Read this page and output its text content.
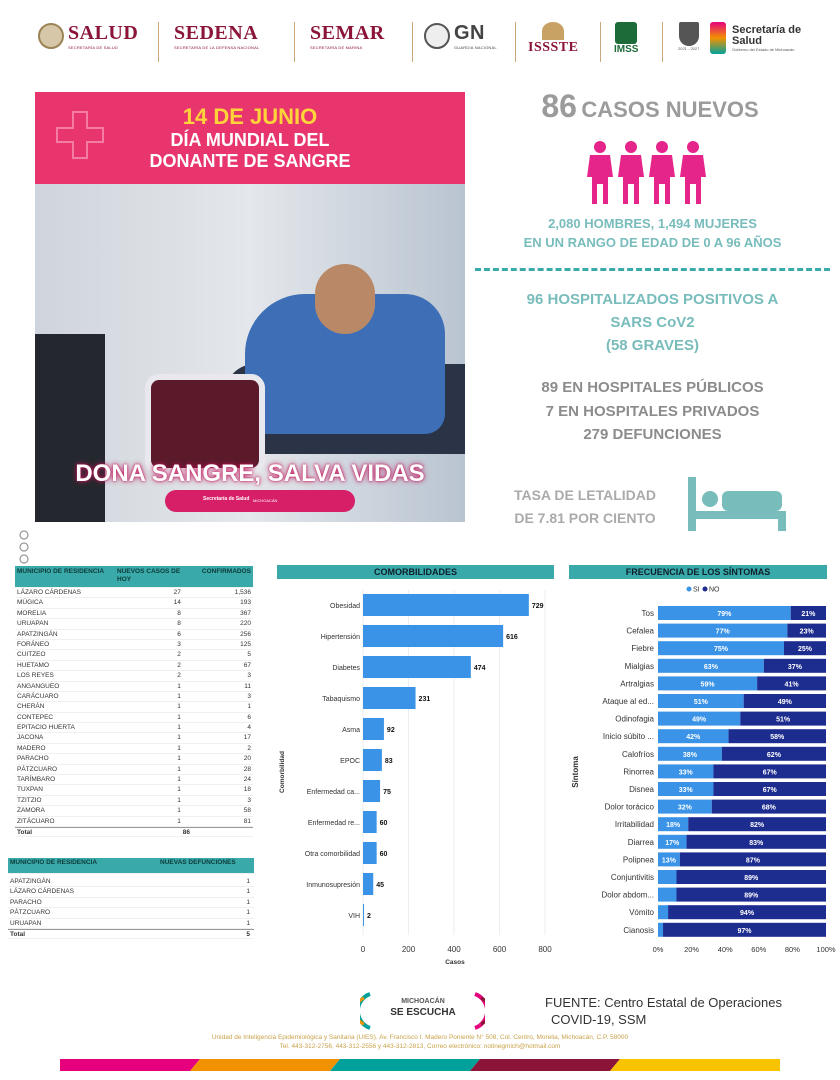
SALUD
SECRETARÍA DE SALUD
SEDENA
SECRETARÍA DE LA DEFENSA NACIONAL
SEMAR
SECRETARÍA DE MARINA
GN
GUARDIA NACIONAL ISSSTE	IMSS	2021 - 2027
Secretaría de Salud
Gobierno del Estado de Michoacán
14 DE JUNIO
DÍA MUNDIAL DEL
DONANTE DE SANGRE
DONA SANGRE, SALVA VIDAS
Secretaría de Salud MICHOACÁN
86 CASOS NUEVOS
2,080 HOMBRES, 1,494 MUJERES
EN UN RANGO DE EDAD DE 0 A 96 AÑOS
96 HOSPITALIZADOS POSITIVOS A
SARS CoV2
(58 GRAVES)
89 EN HOSPITALES PÚBLICOS
7 EN HOSPITALES PRIVADOS
279 DEFUNCIONES
TASA DE LETALIDAD
DE 7.81 POR CIENTO
MUNICIPIO DE RESIDENCIA	NUEVOS CASOS DE HOY
CONFIRMADOS
LÁZARO CÁRDENAS	27	1,536
MÚGICA	14	193
MORELIA	8	367
URUAPAN	8	220
APATZINGÁN	6	256
FORÁNEO	3	125
CUITZEO	2	5
HUETAMO	2	67
LOS REYES	2	3
ANGANGUEO	1	11
CARÁCUARO	1	3
CHERÁN	1	1
CONTEPEC	1	6
EPITACIO HUERTA	1	4
JACONA	1	17
MADERO	1	2
PARACHO	1	20
PÁTZCUARO	1	28
TARÍMBARO	1	24
TUXPAN	1	18
TZITZIO	1	3
ZAMORA	1	58
ZITÁCUARO	1	81
Total	86
MUNICIPIO DE RESIDENCIA	NUEVAS DEFUNCIONES
APATZINGÁN	1
LÁZARO CÁRDENAS	1
PARACHO	1
PÁTZCUARO	1
URUAPAN	1
Total	5
COMORBILIDADES
0	200	400	600	800
Obesidad	729
Hipertensión	616
Diabetes	474
Tabaquismo	231
Asma	92
EPOC	83
Enfermedad ca...	75
Enfermedad re...	60
Otra comorbilidad	60
Inmunosupresión 45
VIH 2
Casos
Comorbilidad
FRECUENCIA DE LOS SÍNTOMAS
SI NO
Tos	79%	21%
Cefalea	77%	23%
Fiebre	75%	25%
Mialgias	63%	37%
Artralgias	59%	41%
Ataque al ed...	51%	49%
Odinofagia	49%	51%
Inicio súbito ...	42%	58%
Calofríos	38%	62%
Rinorrea	33%	67%
Disnea	33%	67%
Dolor torácico	32%	68%
Irritabilidad 18%	82%
Diarrea 17%	83%
Polipnea 13%	87%
Conjuntivitis	89%
Dolor abdom...	89%
Vómito	94%
Cianosis	97%
0%	20% 40% 60% 80% 100%
Síntoma
MICHOACÁN
SE ESCUCHA
FUENTE: Centro Estatal de Operaciones
COVID-19, SSM
Unidad de Inteligencia Epidemiológica y Sanitaria (UIES). Av. Francisco I. Madero Poniente N° 508, Col. Centro, Morelia, Michoacán, C.P. 58000
Tel. 443-312-2756, 443-312-2556 y 443-312-2813, Correo electrónico: notinegmich@hotmail.com
